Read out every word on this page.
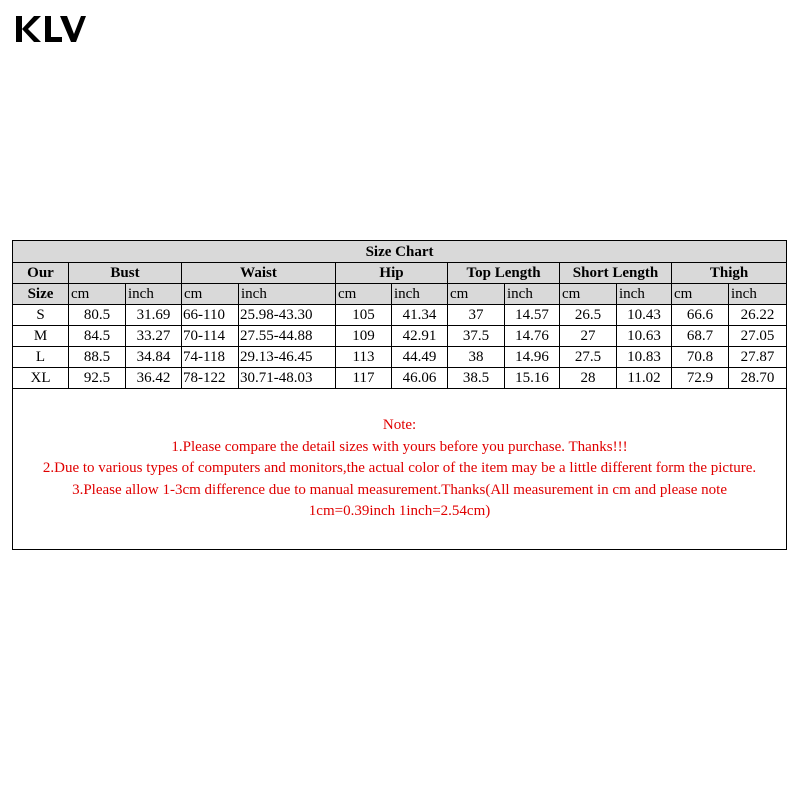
Size Chart												
Our	Bust		Waist		Hip		Top Length		Short Length		Thigh	
Size	cm	inch	cm	inch	cm	inch	cm	inch	cm	inch	cm	inch
S	80.5	31.69	66-110	25.98-43.30	105	41.34	37	14.57	26.5	10.43	66.6	26.22
M	84.5	33.27	70-114	27.55-44.88	109	42.91	37.5	14.76	27	10.63	68.7	27.05
L	88.5	34.84	74-118	29.13-46.45	113	44.49	38	14.96	27.5	10.83	70.8	27.87
XL	92.5	36.42	78-122	30.71-48.03	117	46.06	38.5	15.16	28	11.02	72.9	28.70

Note:
1.Please compare the detail sizes with yours before you purchase. Thanks!!!
2.Due to various types of computers and monitors,the actual color of the item may be a little different form the picture.
3.Please allow 1-3cm difference due to manual measurement.Thanks(All measurement in cm and please note 1cm=0.39inch 1inch=2.54cm)												
